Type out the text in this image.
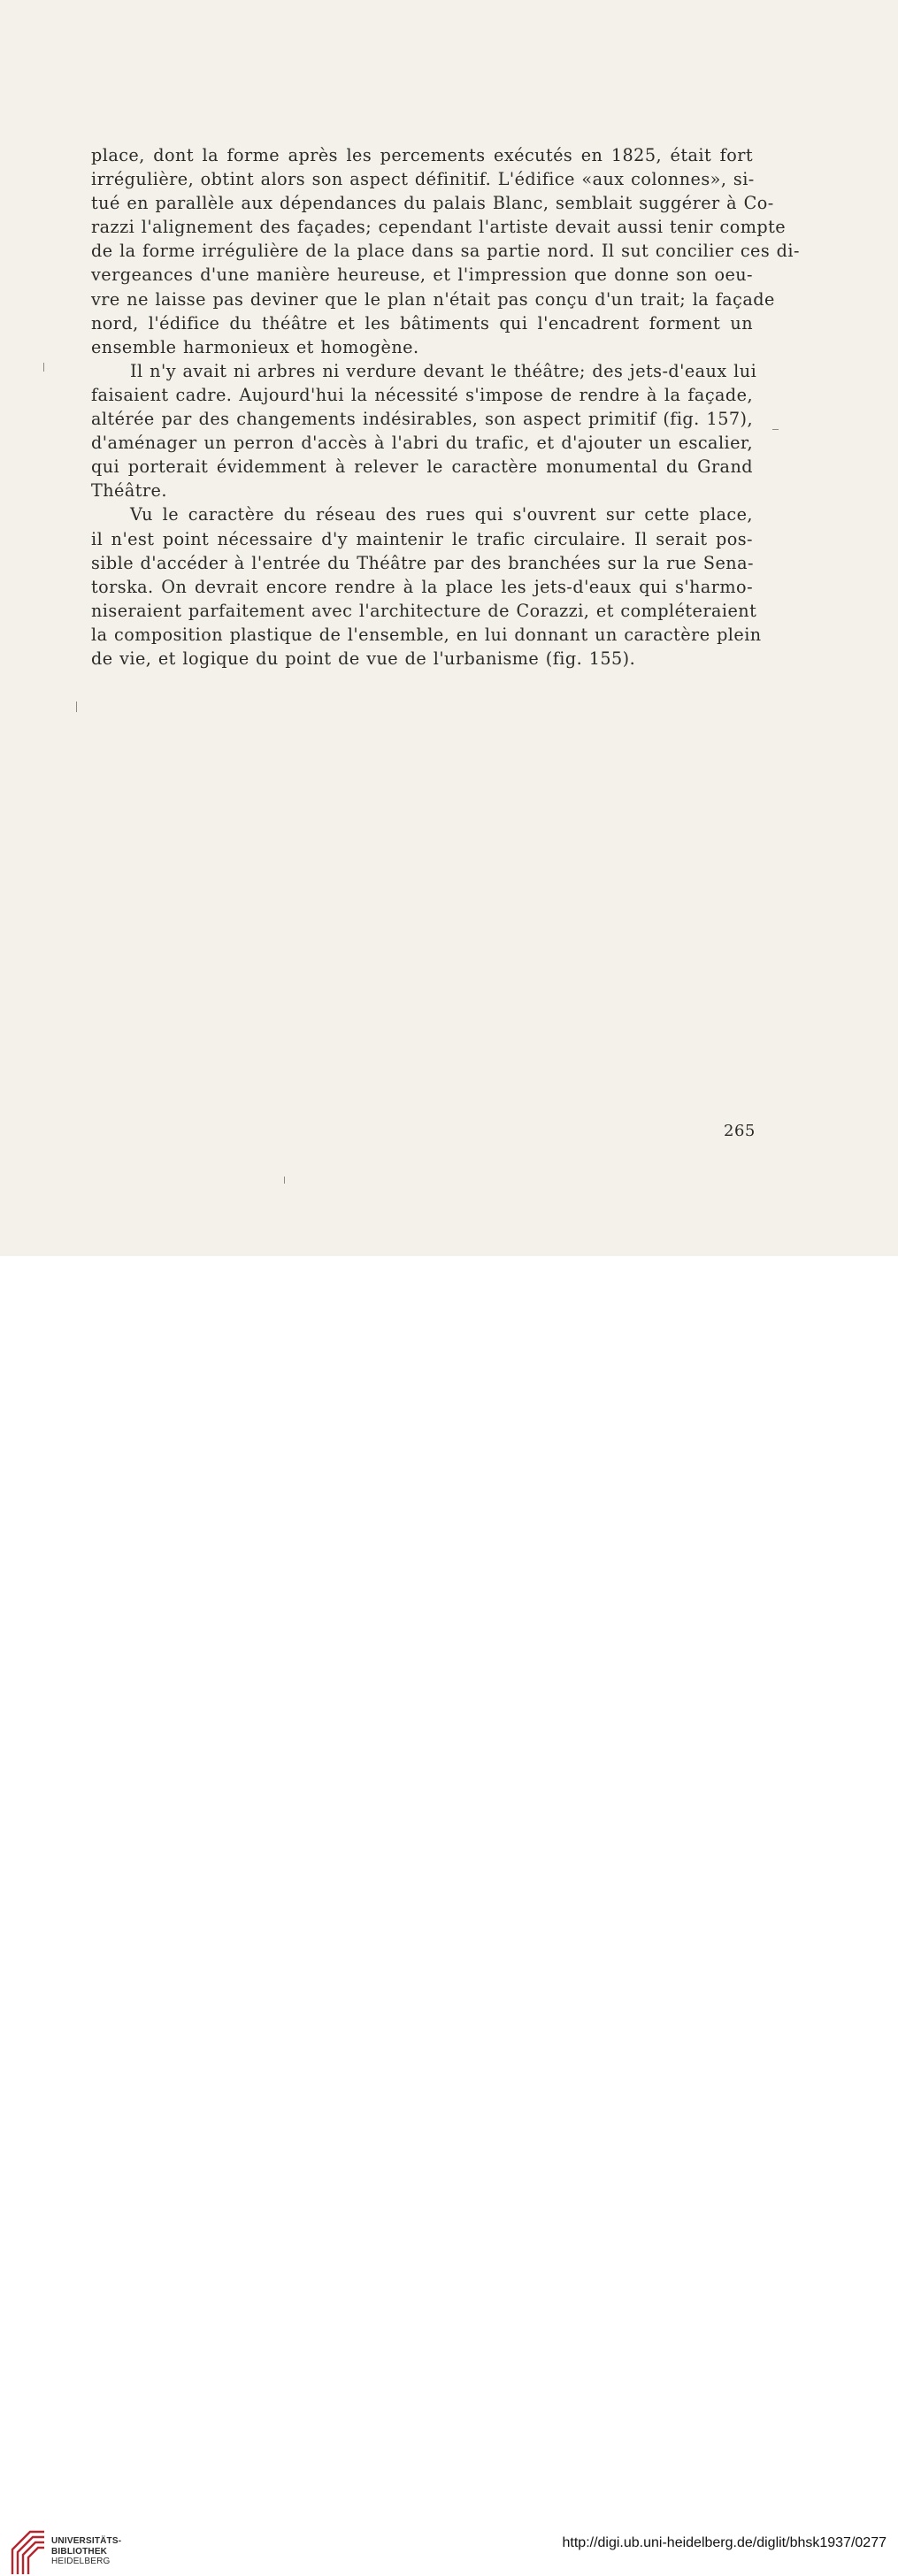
place, dont la forme après les percements exécutés en 1825, était fort
irrégulière, obtint alors son aspect définitif. L'édifice «aux colonnes», si-
tué en parallèle aux dépendances du palais Blanc, semblait suggérer à Co-
razzi l'alignement des façades; cependant l'artiste devait aussi tenir compte
de la forme irrégulière de la place dans sa partie nord. Il sut concilier ces di-
vergeances d'une manière heureuse, et l'impression que donne son oeu-
vre ne laisse pas deviner que le plan n'était pas conçu d'un trait; la façade
nord, l'édifice du théâtre et les bâtiments qui l'encadrent forment un
ensemble harmonieux et homogène.
Il n'y avait ni arbres ni verdure devant le théâtre; des jets-d'eaux lui
faisaient cadre. Aujourd'hui la nécessité s'impose de rendre à la façade,
altérée par des changements indésirables, son aspect primitif (fig. 157),
d'aménager un perron d'accès à l'abri du trafic, et d'ajouter un escalier,
qui porterait évidemment à relever le caractère monumental du Grand
Théâtre.
Vu le caractère du réseau des rues qui s'ouvrent sur cette place,
il n'est point nécessaire d'y maintenir le trafic circulaire. Il serait pos-
sible d'accéder à l'entrée du Théâtre par des branchées sur la rue Sena-
torska. On devrait encore rendre à la place les jets-d'eaux qui s'harmo-
niseraient parfaitement avec l'architecture de Corazzi, et compléteraient
la composition plastique de l'ensemble, en lui donnant un caractère plein
de vie, et logique du point de vue de l'urbanisme (fig. 155).
265
UNIVERSITÄTS-
BIBLIOTHEK
HEIDELBERG
http://digi.ub.uni-heidelberg.de/diglit/bhsk1937/0277
